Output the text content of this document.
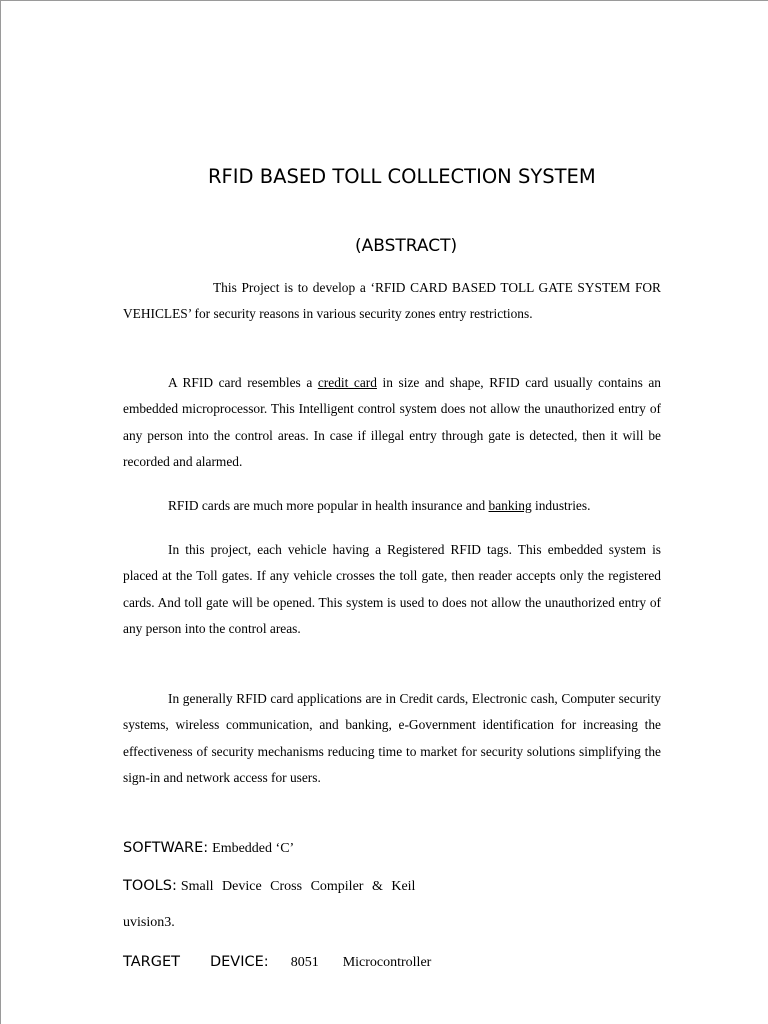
RFID BASED TOLL COLLECTION SYSTEM
(ABSTRACT)

This Project is to develop a ‘RFID CARD BASED TOLL GATE SYSTEM FOR VEHICLES’ for security reasons in various security zones entry restrictions.

A RFID card resembles a credit card in size and shape, RFID card usually contains an embedded microprocessor. This Intelligent control system does not allow the unauthorized entry of any person into the control areas. In case if illegal entry through gate is detected, then it will be recorded and alarmed.

RFID cards are much more popular in health insurance and banking industries.

In this project, each vehicle having a Registered RFID tags. This embedded system is placed at the Toll gates. If any vehicle crosses the toll gate, then reader accepts only the registered cards. And toll gate will be opened. This system is used to does not allow the unauthorized entry of any person into the control areas.

In generally RFID card applications are in Credit cards, Electronic cash, Computer security systems, wireless communication, and banking, e-Government identification for increasing the effectiveness of security mechanisms reducing time to market for security solutions simplifying the sign-in and network access for users.

SOFTWARE: Embedded ‘C’

TOOLS: Small Device Cross Compiler & Keil

uvision3.

TARGET DEVICE: 8051 Microcontroller
